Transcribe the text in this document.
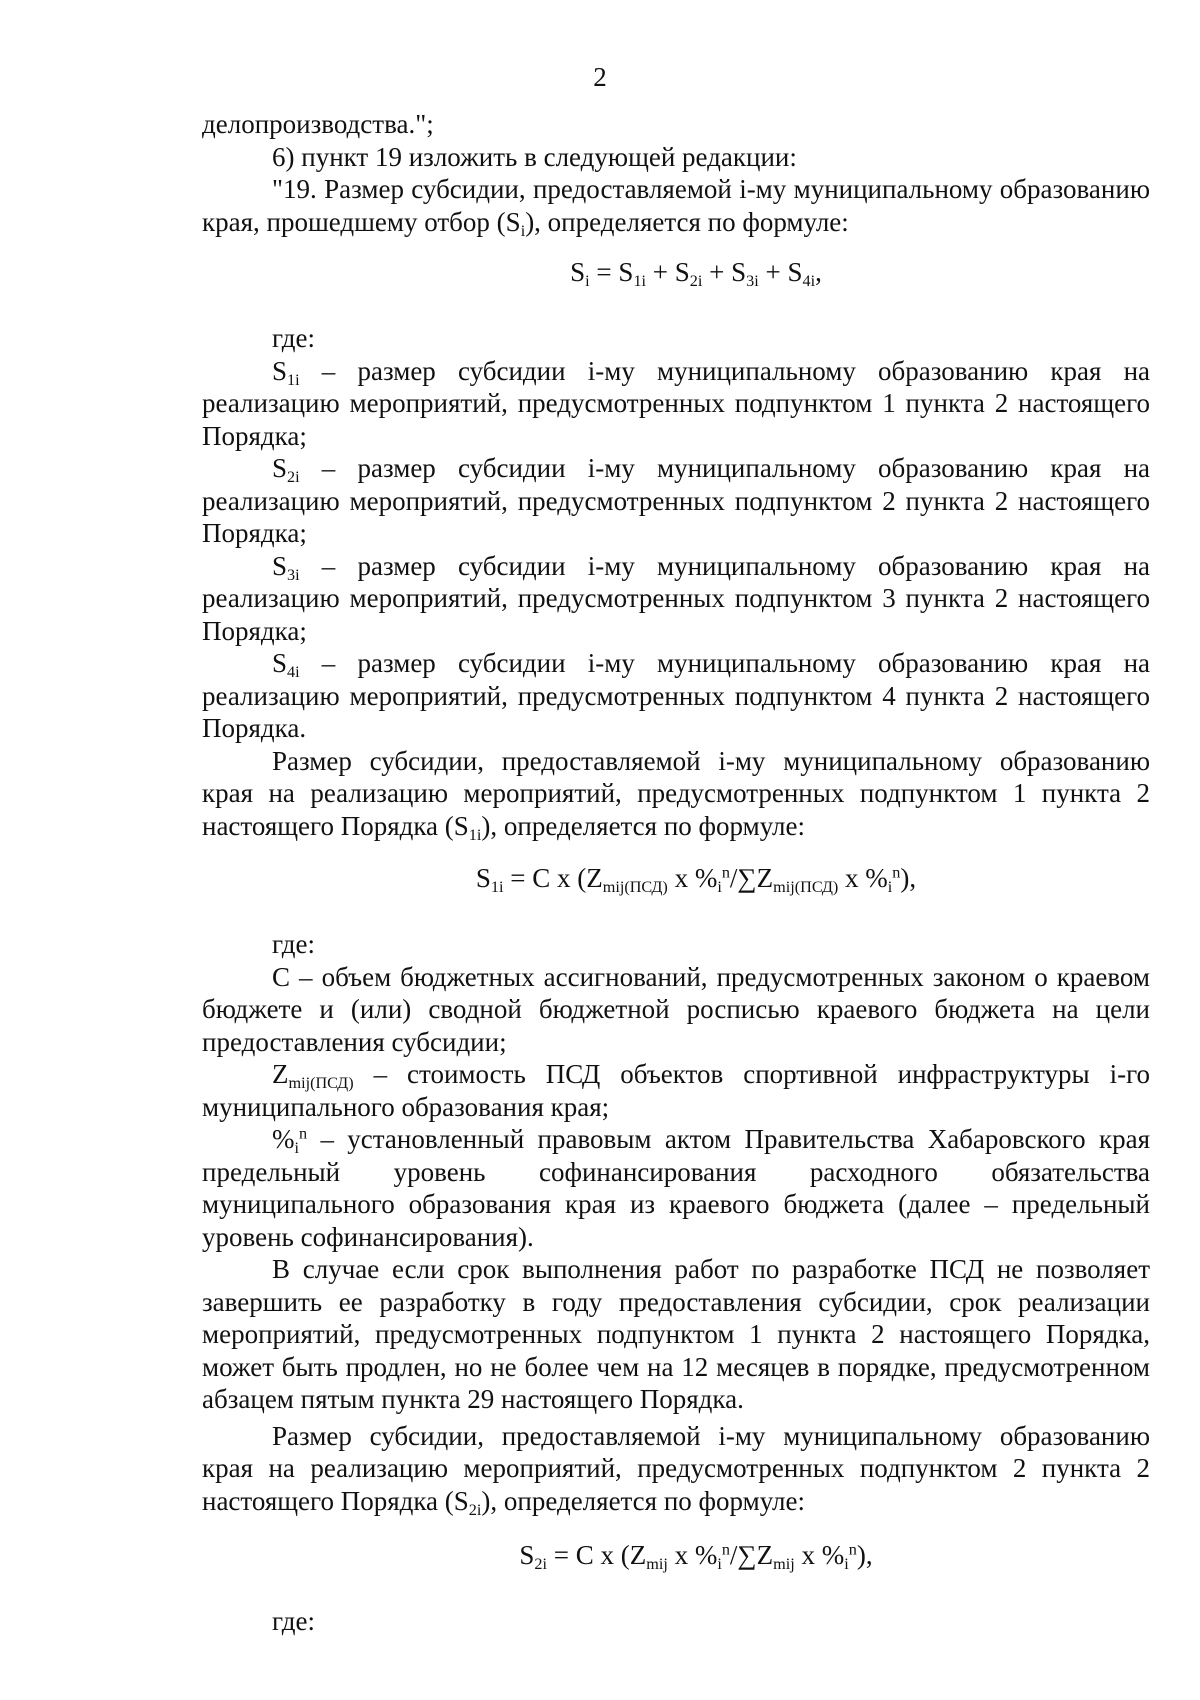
2

делопроизводства.";

6) пункт 19 изложить в следующей редакции:

"19. Размер субсидии, предоставляемой i-му муниципальному образованию края, прошедшему отбор $(S_i)$, определяется по формуле:

$S_i = S_{1i} + S_{2i} + S_{3i} + S_{4i}$,

где:

$S_{1i}$ – размер субсидии i-му муниципальному образованию края на реализацию мероприятий, предусмотренных подпунктом 1 пункта 2 настоящего Порядка;

$S_{2i}$ – размер субсидии i-му муниципальному образованию края на реализацию мероприятий, предусмотренных подпунктом 2 пункта 2 настоящего Порядка;

$S_{3i}$ – размер субсидии i-му муниципальному образованию края на реализацию мероприятий, предусмотренных подпунктом 3 пункта 2 настоящего Порядка;

$S_{4i}$ – размер субсидии i-му муниципальному образованию края на реализацию мероприятий, предусмотренных подпунктом 4 пункта 2 настоящего Порядка.

Размер субсидии, предоставляемой i-му муниципальному образованию края на реализацию мероприятий, предусмотренных подпунктом 1 пункта 2 настоящего Порядка $(S_{1i})$, определяется по формуле:

$S_{1i} = C$ x ($Z_{mij(ПСД)}$ x $\%_i^n/\sum Z_{mij(ПСД)}$ x $\%_i^n$),

где:

C – объем бюджетных ассигнований, предусмотренных законом о краевом бюджете и (или) сводной бюджетной росписью краевого бюджета на цели предоставления субсидии;

$Z_{mij(ПСД)}$ – стоимость ПСД объектов спортивной инфраструктуры i-го муниципального образования края;

$\%_i^n$ – установленный правовым актом Правительства Хабаровского края предельный уровень софинансирования расходного обязательства муниципального образования края из краевого бюджета (далее – предельный уровень софинансирования).

В случае если срок выполнения работ по разработке ПСД не позволяет завершить ее разработку в году предоставления субсидии, срок реализации мероприятий, предусмотренных подпунктом 1 пункта 2 настоящего Порядка, может быть продлен, но не более чем на 12 месяцев в порядке, предусмотренном абзацем пятым пункта 29 настоящего Порядка.

Размер субсидии, предоставляемой i-му муниципальному образованию края на реализацию мероприятий, предусмотренных подпунктом 2 пункта 2 настоящего Порядка $(S_{2i})$, определяется по формуле:

$S_{2i} = C$ x ($Z_{mij}$ x $\%_i^n/\sum Z_{mij}$ x $\%_i^n$),

где:
